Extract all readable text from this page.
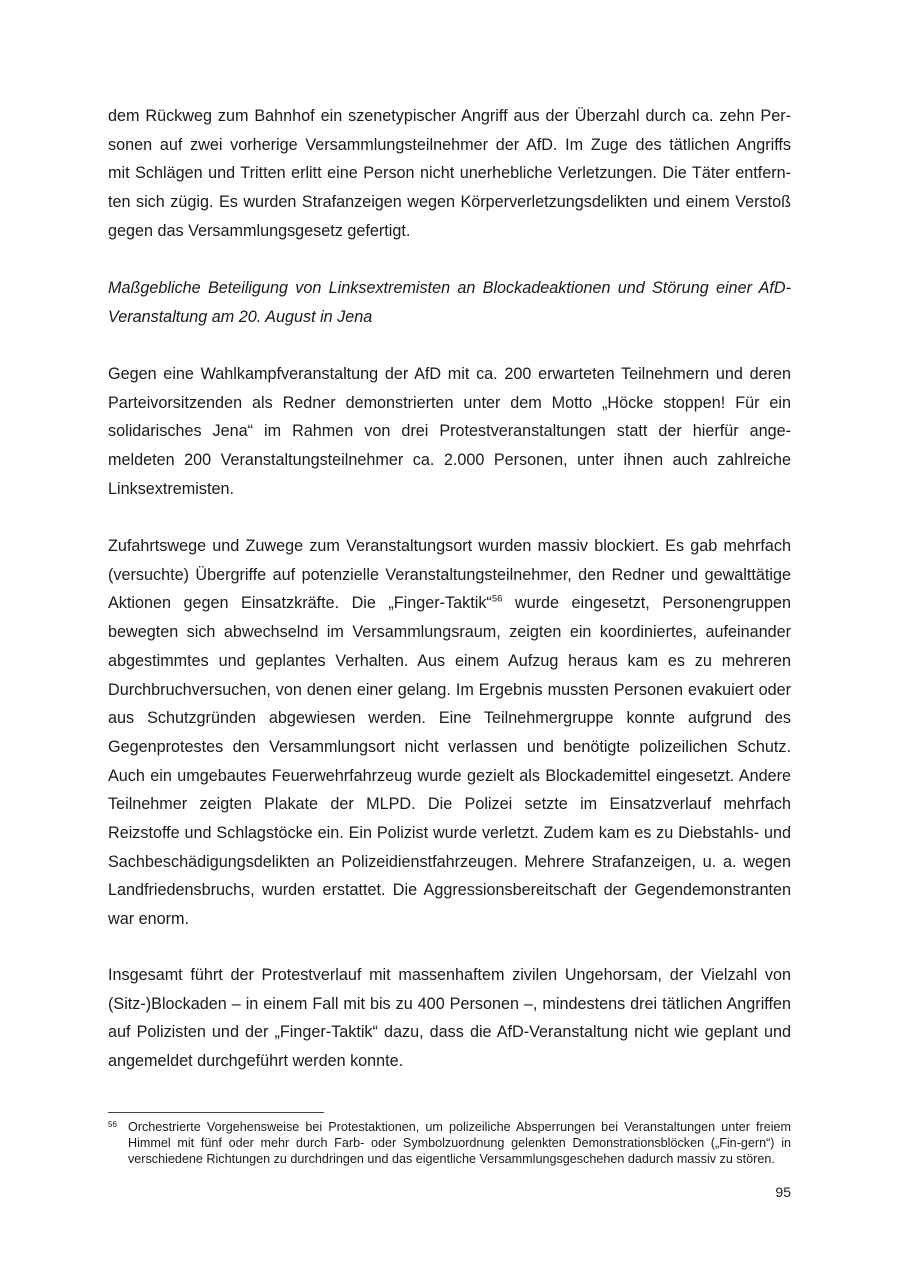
dem Rückweg zum Bahnhof ein szenetypischer Angriff aus der Überzahl durch ca. zehn Per-
sonen auf zwei vorherige Versammlungsteilnehmer der AfD. Im Zuge des tätlichen Angriffs
mit Schlägen und Tritten erlitt eine Person nicht unerhebliche Verletzungen. Die Täter entfern-
ten sich zügig. Es wurden Strafanzeigen wegen Körperverletzungsdelikten und einem Verstoß
gegen das Versammlungsgesetz gefertigt.
Maßgebliche Beteiligung von Linksextremisten an Blockadeaktionen und Störung einer AfD-
Veranstaltung am 20. August in Jena
Gegen eine Wahlkampfveranstaltung der AfD mit ca. 200 erwarteten Teilnehmern und deren
Parteivorsitzenden als Redner demonstrierten unter dem Motto „Höcke stoppen! Für ein
solidarisches Jena“ im Rahmen von drei Protestveranstaltungen statt der hierfür ange-
meldeten 200 Veranstaltungsteilnehmer ca. 2.000 Personen, unter ihnen auch zahlreiche
Linksextremisten.
Zufahrtswege und Zuwege zum Veranstaltungsort wurden massiv blockiert. Es gab mehrfach
(versuchte) Übergriffe auf potenzielle Veranstaltungsteilnehmer, den Redner und gewalttätige
Aktionen gegen Einsatzkräfte. Die „Finger-Taktik“$^{56}$ wurde eingesetzt, Personengruppen
bewegten sich abwechselnd im Versammlungsraum, zeigten ein koordiniertes, aufeinander
abgestimmtes und geplantes Verhalten. Aus einem Aufzug heraus kam es zu mehreren
Durchbruchversuchen, von denen einer gelang. Im Ergebnis mussten Personen evakuiert oder
aus Schutzgründen abgewiesen werden. Eine Teilnehmergruppe konnte aufgrund des
Gegenprotestes den Versammlungsort nicht verlassen und benötigte polizeilichen Schutz.
Auch ein umgebautes Feuerwehrfahrzeug wurde gezielt als Blockademittel eingesetzt. Andere
Teilnehmer zeigten Plakate der MLPD. Die Polizei setzte im Einsatzverlauf mehrfach
Reizstoffe und Schlagstöcke ein. Ein Polizist wurde verletzt. Zudem kam es zu Diebstahls- und
Sachbeschädigungsdelikten an Polizeidienstfahrzeugen. Mehrere Strafanzeigen, u. a. wegen
Landfriedensbruchs, wurden erstattet. Die Aggressionsbereitschaft der Gegendemonstranten
war enorm.
Insgesamt führt der Protestverlauf mit massenhaftem zivilen Ungehorsam, der Vielzahl von
(Sitz-)Blockaden – in einem Fall mit bis zu 400 Personen –, mindestens drei tätlichen Angriffen
auf Polizisten und der „Finger-Taktik“ dazu, dass die AfD-Veranstaltung nicht wie geplant und
angemeldet durchgeführt werden konnte.
56 Orchestrierte Vorgehensweise bei Protestaktionen, um polizeiliche Absperrungen bei Veranstaltungen unter freiem Himmel mit fünf oder mehr durch Farb- oder Symbolzuordnung gelenkten Demonstrationsblöcken („Fin-gern“) in verschiedene Richtungen zu durchdringen und das eigentliche Versammlungsgeschehen dadurch massiv zu stören.
95
